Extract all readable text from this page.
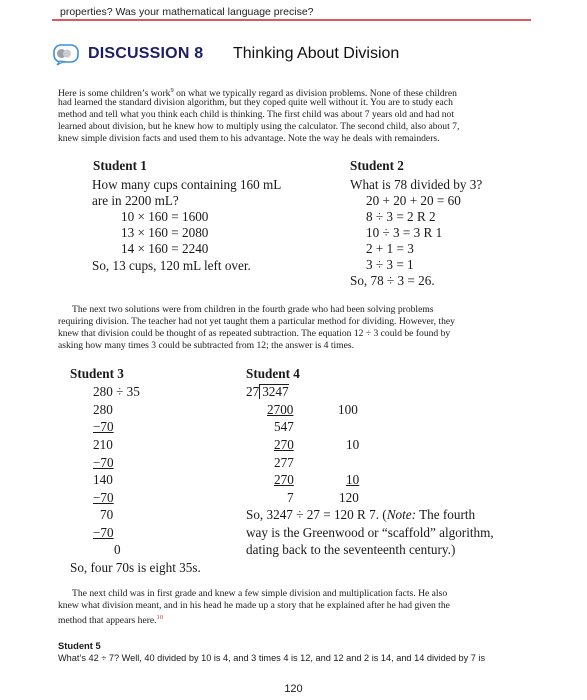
properties? Was your mathematical language precise?
DISCUSSION 8 Thinking About Division
Here is some children’s work$^9$ on what we typically regard as division problems. None of these children
had learned the standard division algorithm, but they coped quite well without it. You are to study each
method and tell what you think each child is thinking. The first child was about 7 years old and had not
learned about division, but he knew how to multiply using the calculator. The second child, also about 7,
knew simple division facts and used them to his advantage. Note the way he deals with remainders.
Student 1
How many cups containing 160 mL
are in 2200 mL?
10 × 160 = 1600
13 × 160 = 2080
14 × 160 = 2240
So, 13 cups, 120 mL left over.
Student 2
What is 78 divided by 3?
20 + 20 + 20 = 60
8 ÷ 3 = 2 R 2
10 ÷ 3 = 3 R 1
2 + 1 = 3
3 ÷ 3 = 1
So, 78 ÷ 3 = 26.
The next two solutions were from children in the fourth grade who had been solving problems
requiring division. The teacher had not yet taught them a particular method for dividing. However, they
knew that division could be thought of as repeated subtraction. The equation 12 ÷ 3 could be found by
asking how many times 3 could be subtracted from 12; the answer is 4 times.
Student 3
280 ÷ 35
280
−70
210
−70
140
−70
70
−70
0
So, four 70s is eight 35s.
Student 4
27 3247
2700	100
547
270	10
277
270	10
7	120
So, 3247 ÷ 27 = 120 R 7. (Note: The fourth
way is the Greenwood or “scaffold” algorithm,
dating back to the seventeenth century.)
The next child was in first grade and knew a few simple division and multiplication facts. He also
knew what division meant, and in his head he made up a story that he explained after he had given the
method that appears here.$^{10}$
Student 5
What’s 42 ÷ 7? Well, 40 divided by 10 is 4, and 3 times 4 is 12, and 12 and 2 is 14, and 14 divided by 7 is
120
